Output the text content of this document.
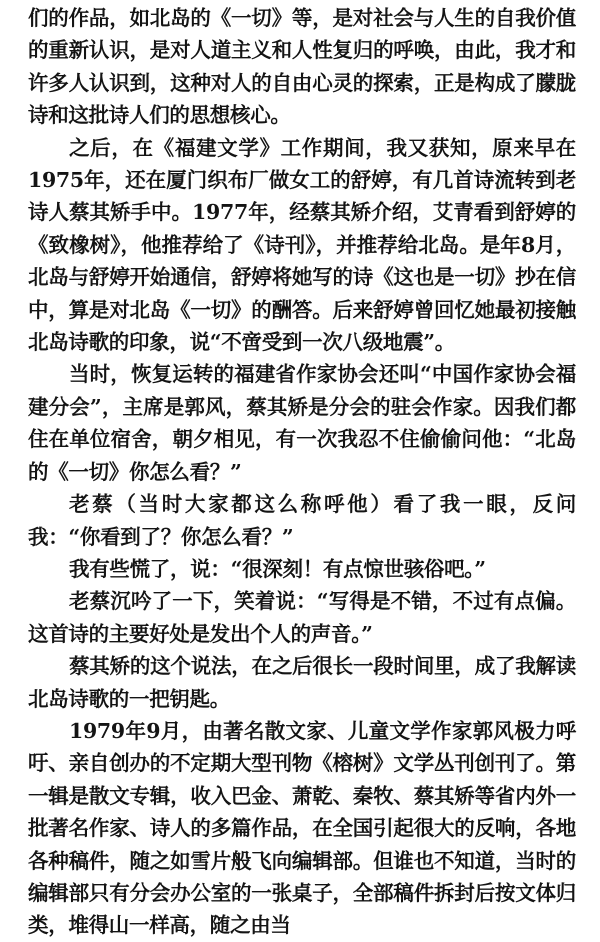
们的作品，如北岛的《一切》等，是对社会与人生的自我价值的重新认识，是对人道主义和人性复归的呼唤，由此，我才和许多人认识到，这种对人的自由心灵的探索，正是构成了朦胧诗和这批诗人们的思想核心。

之后，在《福建文学》工作期间，我又获知，原来早在1975年，还在厦门织布厂做女工的舒婷，有几首诗流转到老诗人蔡其矫手中。1977年，经蔡其矫介绍，艾青看到舒婷的《致橡树》，他推荐给了《诗刊》，并推荐给北岛。是年8月，北岛与舒婷开始通信，舒婷将她写的诗《这也是一切》抄在信中，算是对北岛《一切》的酬答。后来舒婷曾回忆她最初接触北岛诗歌的印象，说“不啻受到一次八级地震”。

当时，恢复运转的福建省作家协会还叫“中国作家协会福建分会”，主席是郭风，蔡其矫是分会的驻会作家。因我们都住在单位宿舍，朝夕相见，有一次我忍不住偷偷问他：“北岛的《一切》你怎么看？”

老蔡（当时大家都这么称呼他）看了我一眼，反问我：“你看到了？你怎么看？”

我有些慌了，说：“很深刻！有点惊世骇俗吧。”

老蔡沉吟了一下，笑着说：“写得是不错，不过有点偏。这首诗的主要好处是发出个人的声音。”

蔡其矫的这个说法，在之后很长一段时间里，成了我解读北岛诗歌的一把钥匙。

1979年9月，由著名散文家、儿童文学作家郭风极力呼吁、亲自创办的不定期大型刊物《榕树》文学丛刊创刊了。第一辑是散文专辑，收入巴金、萧乾、秦牧、蔡其矫等省内外一批著名作家、诗人的多篇作品，在全国引起很大的反响，各地各种稿件，随之如雪片般飞向编辑部。但谁也不知道，当时的编辑部只有分会办公室的一张桌子，全部稿件拆封后按文体归类，堆得山一样高，随之由当
